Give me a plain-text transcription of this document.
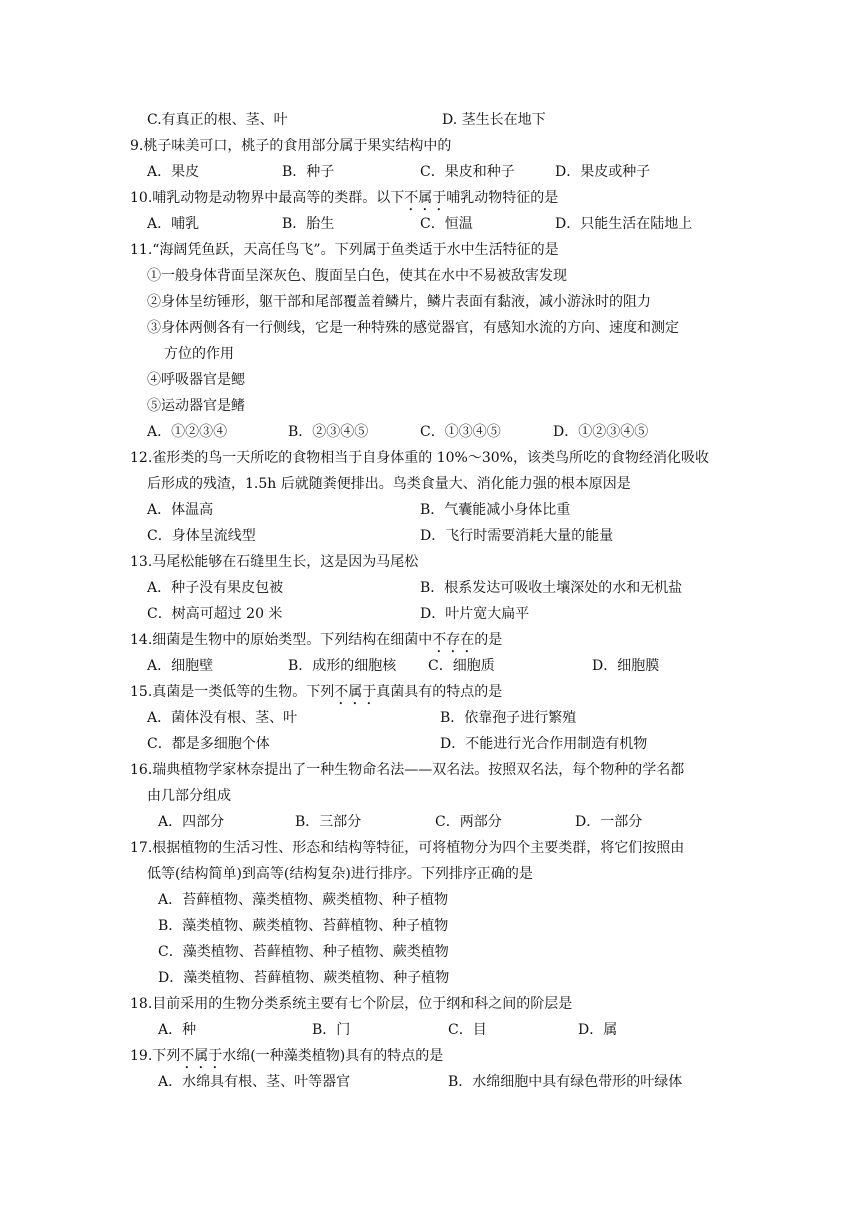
C.有真正的根、茎、叶	D. 茎生长在地下
9.桃子味美可口，桃子的食用部分属于果实结构中的
A．果皮	B．种子	C．果皮和种子	D．果皮或种子
10.哺乳动物是动物界中最高等的类群。以下不属于哺乳动物特征的是
A．哺乳	B．胎生	C．恒温	D．只能生活在陆地上
11.“海阔凭鱼跃，天高任鸟飞”。下列属于鱼类适于水中生活特征的是
①一般身体背面呈深灰色、腹面呈白色，使其在水中不易被敌害发现
②身体呈纺锤形，躯干部和尾部覆盖着鳞片，鳞片表面有黏液，减小游泳时的阻力
③身体两侧各有一行侧线，它是一种特殊的感觉器官，有感知水流的方向、速度和测定
方位的作用
④呼吸器官是鳃
⑤运动器官是鳍
A．①②③④	B．②③④⑤	C．①③④⑤	D．①②③④⑤
12.雀形类的鸟一天所吃的食物相当于自身体重的 10%～30%，该类鸟所吃的食物经消化吸收
后形成的残渣，1.5h 后就随粪便排出。鸟类食量大、消化能力强的根本原因是
A．体温高	B．气囊能减小身体比重
C．身体呈流线型	D．飞行时需要消耗大量的能量
13.马尾松能够在石缝里生长，这是因为马尾松
A．种子没有果皮包被	B．根系发达可吸收土壤深处的水和无机盐
C．树高可超过 20 米	D．叶片宽大扁平
14.细菌是生物中的原始类型。下列结构在细菌中不存在的是
A．细胞壁	B．成形的细胞核 C．细胞质	D．细胞膜
15.真菌是一类低等的生物。下列不属于真菌具有的特点的是
A．菌体没有根、茎、叶	B．依靠孢子进行繁殖
C．都是多细胞个体	D．不能进行光合作用制造有机物
16.瑞典植物学家林奈提出了一种生物命名法——双名法。按照双名法，每个物种的学名都
由几部分组成
A．四部分	B．三部分	C．两部分	D．一部分
17.根据植物的生活习性、形态和结构等特征，可将植物分为四个主要类群，将它们按照由
低等(结构简单)到高等(结构复杂)进行排序。下列排序正确的是
A．苔藓植物、藻类植物、蕨类植物、种子植物
B．藻类植物、蕨类植物、苔藓植物、种子植物
C．藻类植物、苔藓植物、种子植物、蕨类植物
D．藻类植物、苔藓植物、蕨类植物、种子植物
18.目前采用的生物分类系统主要有七个阶层，位于纲和科之间的阶层是
A．种	B．门	C．目	D．属
19.下列不属于水绵(一种藻类植物)具有的特点的是
A．水绵具有根、茎、叶等器官	B．水绵细胞中具有绿色带形的叶绿体
